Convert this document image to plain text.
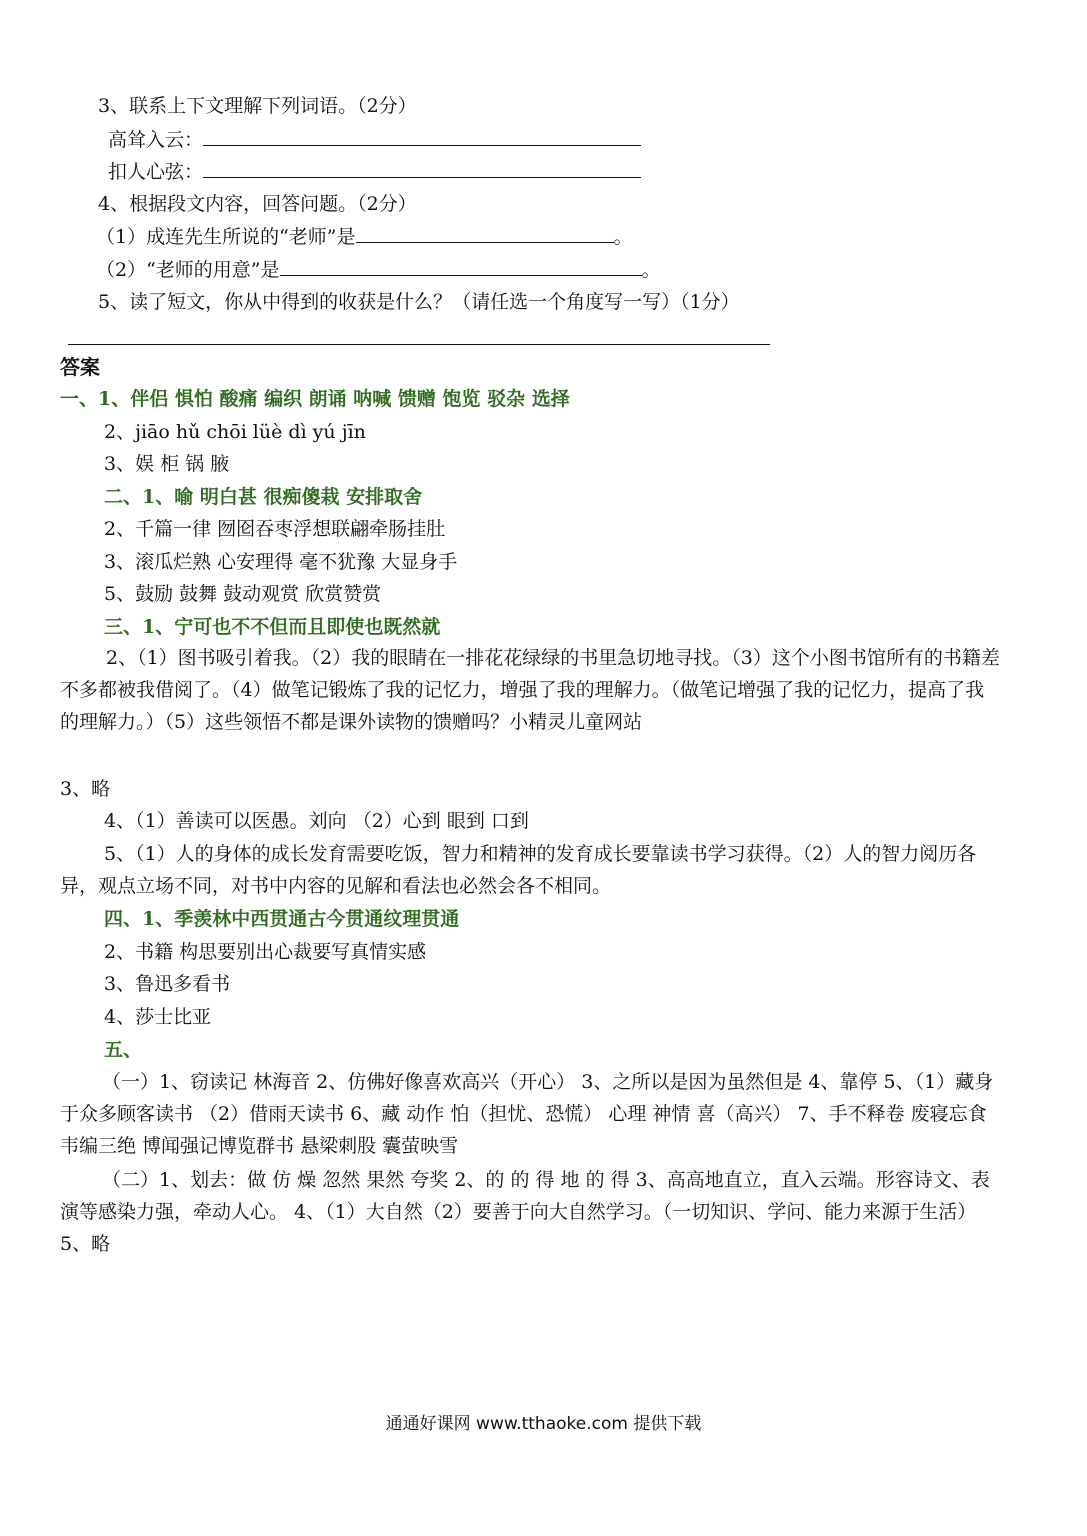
3、联系上下文理解下列词语。（2分）
高耸入云：
扣人心弦：
4、根据段文内容，回答问题。（2分）
（1）成连先生所说的“老师”是	。
（2）“老师的用意”是	。
5、读了短文，你从中得到的收获是什么？（请任选一个角度写一写）（1分）
答案
一、1、伴侣 惧怕 酸痛 编织 朗诵 呐喊 馈赠 饱览 驳杂 选择
2、jiāo hǔ chōi lüè dì yú jīn
3、娱 柜 锅 腋
二、1、喻 明白甚 很痴傻栽 安排取舍
2、千篇一律 囫囵吞枣浮想联翩牵肠挂肚
3、滚瓜烂熟 心安理得 毫不犹豫 大显身手
5、鼓励 鼓舞 鼓动观赏 欣赏赞赏
三、1、宁可也不不但而且即使也既然就
2、（1）图书吸引着我。（2）我的眼睛在一排花花绿绿的书里急切地寻找。（3）这个小图书馆所有的书籍差不多都被我借阅了。（4）做笔记锻炼了我的记忆力，增强了我的理解力。（做笔记增强了我的记忆力，提高了我的理解力。）（5）这些领悟不都是课外读物的馈赠吗？小精灵儿童网站
3、略
4、（1）善读可以医愚。刘向 （2）心到 眼到 口到
5、（1）人的身体的成长发育需要吃饭，智力和精神的发育成长要靠读书学习获得。（2）人的智力阅历各异，观点立场不同，对书中内容的见解和看法也必然会各不相同。
四、1、季羡林中西贯通古今贯通纹理贯通
2、书籍 构思要别出心裁要写真情实感
3、鲁迅多看书
4、莎士比亚
五、
（一）1、窃读记 林海音 2、仿佛好像喜欢高兴（开心） 3、之所以是因为虽然但是 4、靠停 5、（1）藏身于众多顾客读书 （2）借雨天读书 6、藏 动作 怕（担忧、恐慌） 心理 神情 喜（高兴） 7、手不释卷 废寝忘食 韦编三绝 博闻强记博览群书 悬梁刺股 囊萤映雪
（二）1、划去：做 仿 燥 忽然 果然 夸奖 2、的 的 得 地 的 得 3、高高地直立，直入云端。形容诗文、表演等感染力强，牵动人心。 4、（1）大自然（2）要善于向大自然学习。（一切知识、学问、能力来源于生活） 5、略
通通好课网 www.tthaoke.com 提供下载
